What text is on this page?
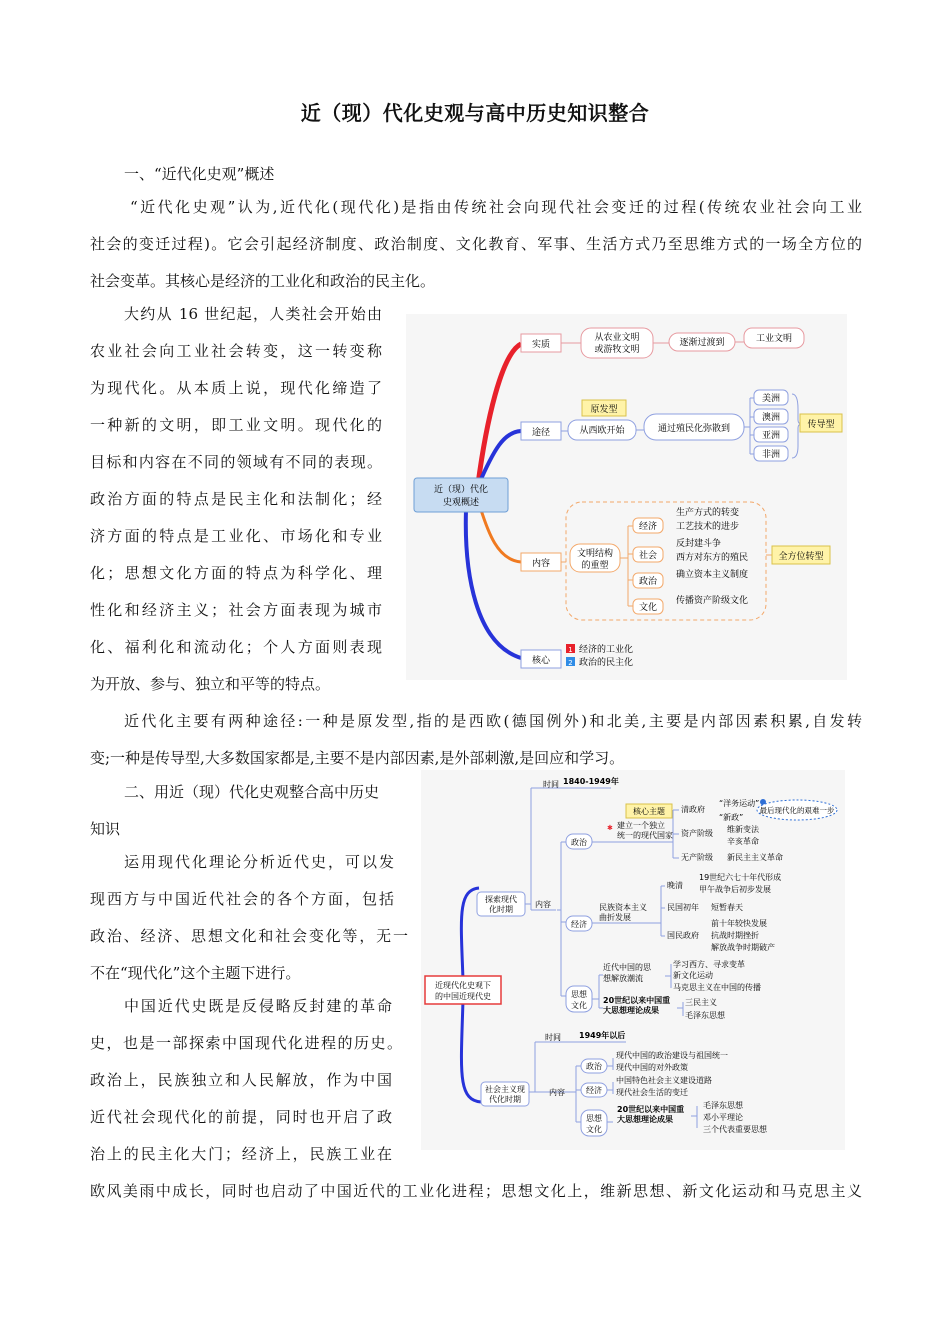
近（现）代化史观与高中历史知识整合
一、“近代化史观”概述
“近代化史观”认为,近代化(现代化)是指由传统社会向现代社会变迁的过程(传统农业社会向工业
社会的变迁过程)。它会引起经济制度、政治制度、文化教育、军事、生活方式乃至思维方式的一场全方位的
社会变革。其核心是经济的工业化和政治的民主化。
大约从 16 世纪起，人类社会开始由
农业社会向工业社会转变，这一转变称
为现代化。从本质上说，现代化缔造了
一种新的文明，即工业文明。现代化的
目标和内容在不同的领域有不同的表现。
政治方面的特点是民主化和法制化；经
济方面的特点是工业化、市场化和专业
化；思想文化方面的特点为科学化、理
性化和经济主义；社会方面表现为城市
化、福利化和流动化；个人方面则表现
为开放、参与、独立和平等的特点。
近代化主要有两种途径:一种是原发型,指的是西欧(德国例外)和北美,主要是内部因素积累,自发转
变;一种是传导型,大多数国家都是,主要不是内部因素,是外部刺激,是回应和学习。
二、用近（现）代化史观整合高中历史
知识
运用现代化理论分析近代史，可以发
现西方与中国近代社会的各个方面，包括
政治、经济、思想文化和社会变化等，无一
不在“现代化”这个主题下进行。
中国近代史既是反侵略反封建的革命
史，也是一部探索中国现代化进程的历史。
政治上，民族独立和人民解放，作为中国
近代社会现代化的前提，同时也开启了政
治上的民主化大门；经济上，民族工业在
欧风美雨中成长，同时也启动了中国近代的工业化进程；思想文化上，维新思想、新文化运动和马克思主义
近（现）代化
史观概述
实质
从农业文明
或游牧文明
逐渐过渡到	工业文明
途径
原发型
从西欧开始	通过殖民化弥散到
美洲
澳洲
亚洲
非洲
传导型
内容
文明结构
的重塑
经济
社会
政治
文化
生产方式的转变
工艺技术的进步
反封建斗争
西方对东方的殖民
确立资本主义制度
传播资产阶级文化
全方位转型
核心
1 经济的工业化
2 政治的民主化
近现代化史观下
的中国近现代史
探索现代
化时期
时间 1840-1949年
内容
政治
核心主题
✱ 建立一个独立
统一的现代国家
清政府
资产阶级
无产阶级
“洋务运动”
“新政”
最后现代化的艰难一步
维新变法
辛亥革命
新民主主义革命
经济
民族资本主义
曲折发展
晚清
民国初年
国民政府
19世纪六七十年代形成
甲午战争后初步发展
短暂春天
前十年较快发展
抗战时期挫折
解放战争时期破产
思想
文化
近代中国的思
想解放潮流
20世纪以来中国重
大思想理论成果
学习西方、寻求变革
新文化运动
马克思主义在中国的传播
三民主义
毛泽东思想
社会主义现
代化时期
时间 1949年以后
内容
政治
现代中国的政治建设与祖国统一
现代中国的对外政策
经济
中国特色社会主义建设道路
现代社会生活的变迁
思想
文化
20世纪以来中国重
大思想理论成果
毛泽东思想
邓小平理论
三个代表重要思想
